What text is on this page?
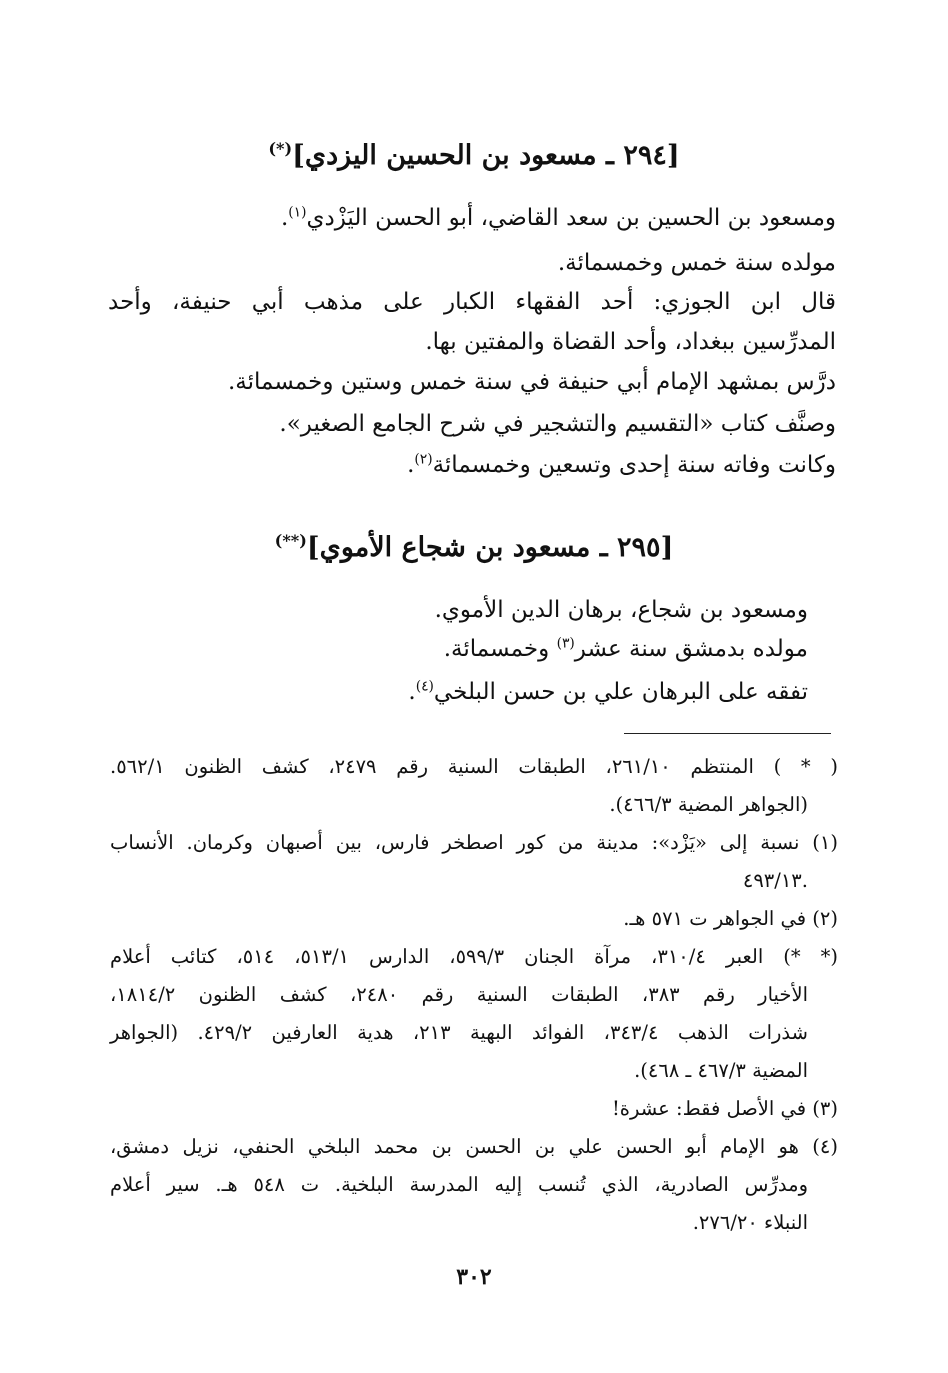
[٢٩٤ ـ مسعود بن الحسين اليزدي](*)
ومسعود بن الحسين بن سعد القاضي، أبو الحسن اليَزْدي$^{(١)}$.
مولده سنة خمس وخمسمائة.
قال ابن الجوزي: أحد الفقهاء الكبار على مذهب أبي حنيفة، وأحد
المدرِّسين ببغداد، وأحد القضاة والمفتين بها.
درَّس بمشهد الإمام أبي حنيفة في سنة خمس وستين وخمسمائة.
وصنَّف كتاب «التقسيم والتشجير في شرح الجامع الصغير».
وكانت وفاته سنة إحدى وتسعين وخمسمائة$^{(٢)}$.
[٢٩٥ ـ مسعود بن شجاع الأموي](**)
ومسعود بن شجاع، برهان الدين الأموي.
مولده بدمشق سنة عشر$^{(٣)}$ وخمسمائة.
تفقه على البرهان علي بن حسن البلخي$^{(٤)}$.
( * ) المنتظم ٢٦١/١٠، الطبقات السنية رقم ٢٤٧٩، كشف الظنون ٥٦٢/١.
(الجواهر المضية ٤٦٦/٣).
(١) نسبة إلى «يَزْد»: مدينة من كور اصطخر فارس، بين أصبهان وكرمان. الأنساب
.٤٩٣/١٣
(٢) في الجواهر ت ٥٧١ هـ.
(* *) العبر ٣١٠/٤، مرآة الجنان ٥٩٩/٣، الدارس ٥١٣/١، ٥١٤، كتائب أعلام
الأخيار رقم ٣٨٣، الطبقات السنية رقم ٢٤٨٠، كشف الظنون ١٨١٤/٢،
شذرات الذهب ٣٤٣/٤، الفوائد البهية ٢١٣، هدية العارفين ٤٢٩/٢. (الجواهر
المضية ٤٦٧/٣ ـ ٤٦٨).
(٣) في الأصل فقط: عشرة!
(٤) هو الإمام أبو الحسن علي بن الحسن بن محمد البلخي الحنفي، نزيل دمشق،
ومدرِّس الصادرية، الذي تُنسب إليه المدرسة البلخية. ت ٥٤٨ هـ. سير أعلام
النبلاء ٢٧٦/٢٠.
٣٠٢
